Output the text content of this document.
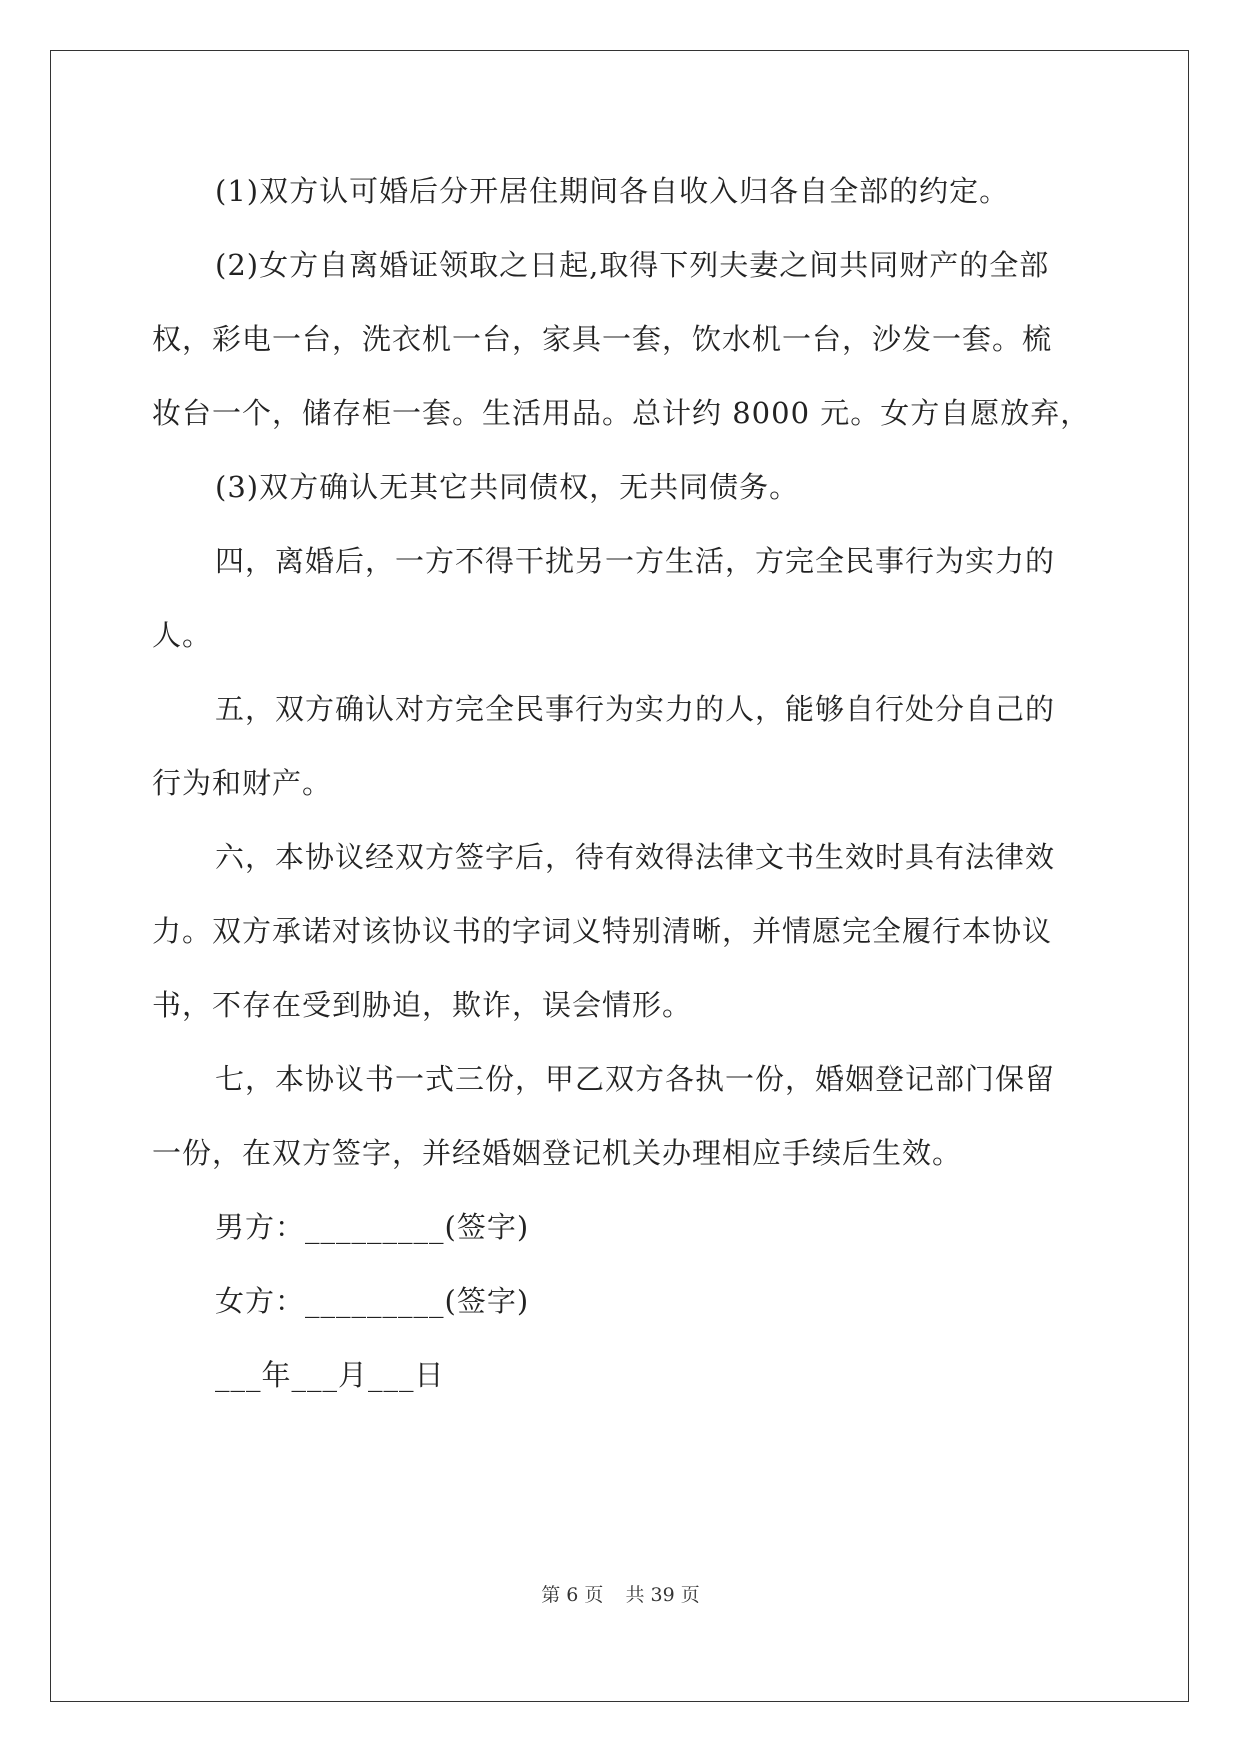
(1)双方认可婚后分开居住期间各自收入归各自全部的约定。
(2)女方自离婚证领取之日起,取得下列夫妻之间共同财产的全部
权，彩电一台，洗衣机一台，家具一套，饮水机一台，沙发一套。梳
妆台一个，储存柜一套。生活用品。总计约 8000 元。女方自愿放弃，
(3)双方确认无其它共同债权，无共同债务。
四，离婚后，一方不得干扰另一方生活，方完全民事行为实力的
人。
五，双方确认对方完全民事行为实力的人，能够自行处分自己的
行为和财产。
六，本协议经双方签字后，待有效得法律文书生效时具有法律效
力。双方承诺对该协议书的字词义特别清晰，并情愿完全履行本协议
书，不存在受到胁迫，欺诈，误会情形。
七，本协议书一式三份，甲乙双方各执一份，婚姻登记部门保留
一份，在双方签字，并经婚姻登记机关办理相应手续后生效。
男方：_________(签字)
女方：_________(签字)
___年___月___日
第 6 页 共 39 页
